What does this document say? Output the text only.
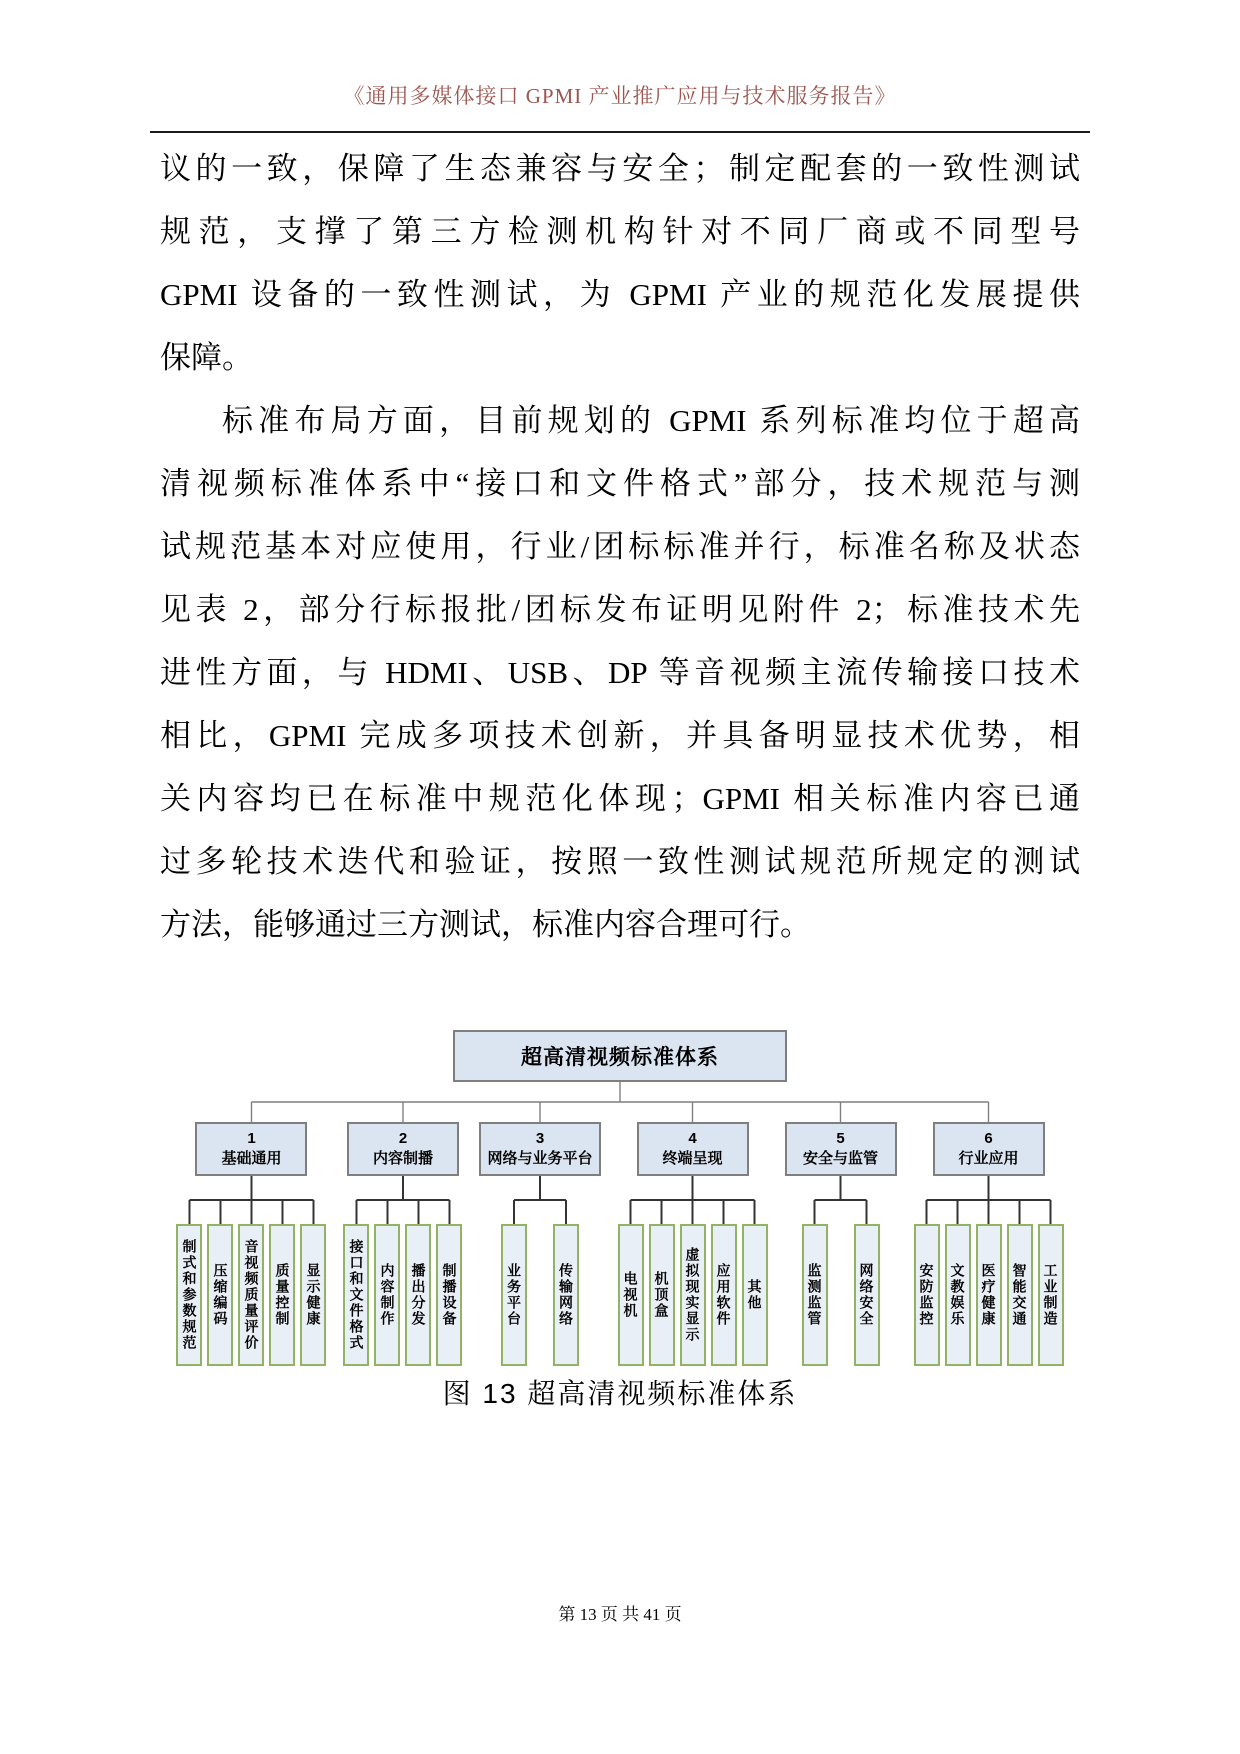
《通用多媒体接口 GPMI 产业推广应用与技术服务报告》
议的一致，保障了生态兼容与安全；制定配套的一致性测试
规范，支撑了第三方检测机构针对不同厂商或不同型号
GPMI 设备的一致性测试，为 GPMI 产业的规范化发展提供
保障。
标准布局方面，目前规划的 GPMI 系列标准均位于超高
清视频标准体系中“接口和文件格式”部分，技术规范与测
试规范基本对应使用，行业/团标标准并行，标准名称及状态
见表 2，部分行标报批/团标发布证明见附件 2；标准技术先
进性方面，与 HDMI、USB、DP 等音视频主流传输接口技术
相比，GPMI 完成多项技术创新，并具备明显技术优势，相
关内容均已在标准中规范化体现；GPMI 相关标准内容已通
过多轮技术迭代和验证，按照一致性测试规范所规定的测试
方法，能够通过三方测试，标准内容合理可行。
超高清视频标准体系
1
基础通用
制式和参数规范	压缩编码	音视频质量评价	质量控制	显示健康
2
内容制播
接口和文件格式	内容制作	播出分发	制播设备
3
网络与业务平台
业务平台	传输网络
4
终端呈现
电视机	机顶盒	虚拟现实显示	应用软件	其他
5
安全与监管
监测监管	网络安全
6
行业应用
安防监控	文教娱乐	医疗健康	智能交通	工业制造
图 13 超高清视频标准体系
第 13 页 共 41 页
